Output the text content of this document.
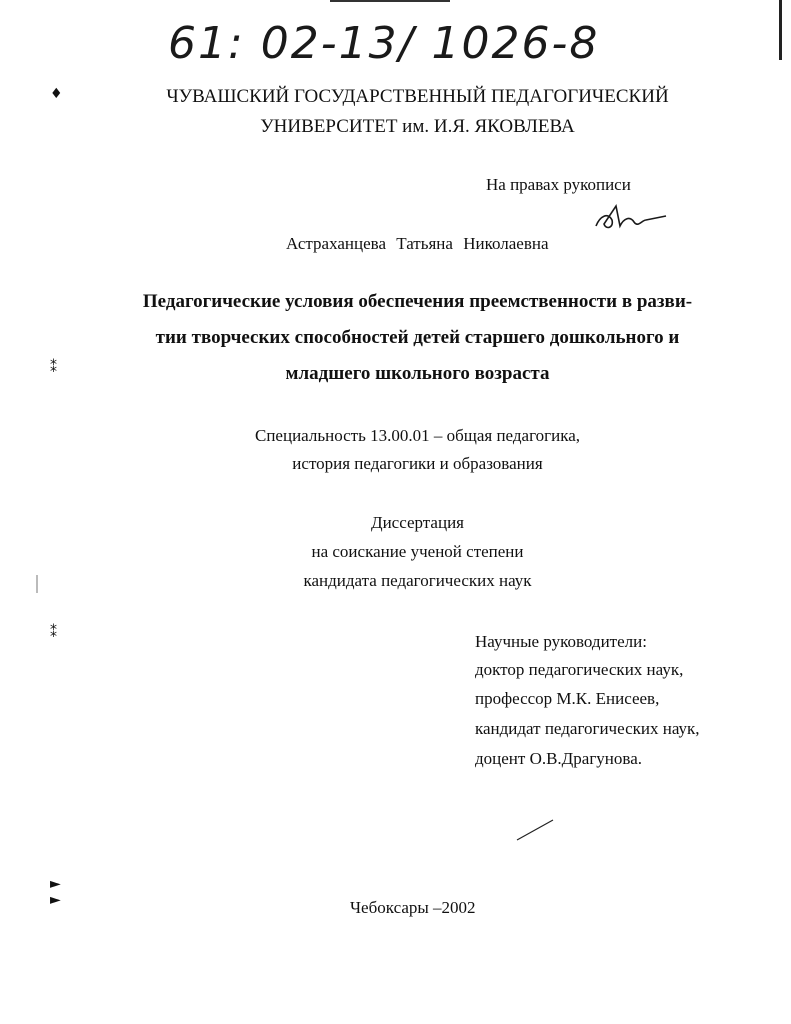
61: 02-13/ 1026-8
ЧУВАШСКИЙ ГОСУДАРСТВЕННЫЙ ПЕДАГОГИЧЕСКИЙ
УНИВЕРСИТЕТ им. И.Я. ЯКОВЛЕВА
На правах рукописи
Астраханцева Татьяна Николаевна
Педагогические условия обеспечения преемственности в разви-
тии творческих способностей детей старшего дошкольного и
младшего школьного возраста
Специальность 13.00.01 – общая педагогика,
история педагогики и образования
Диссертация
на соискание ученой степени
кандидата педагогических наук
Научные руководители:
доктор педагогических наук,
профессор М.К. Енисеев,
кандидат педагогических наук,
доцент О.В.Драгунова.
Чебоксары –2002
♦
⁑
⁑
►
►
